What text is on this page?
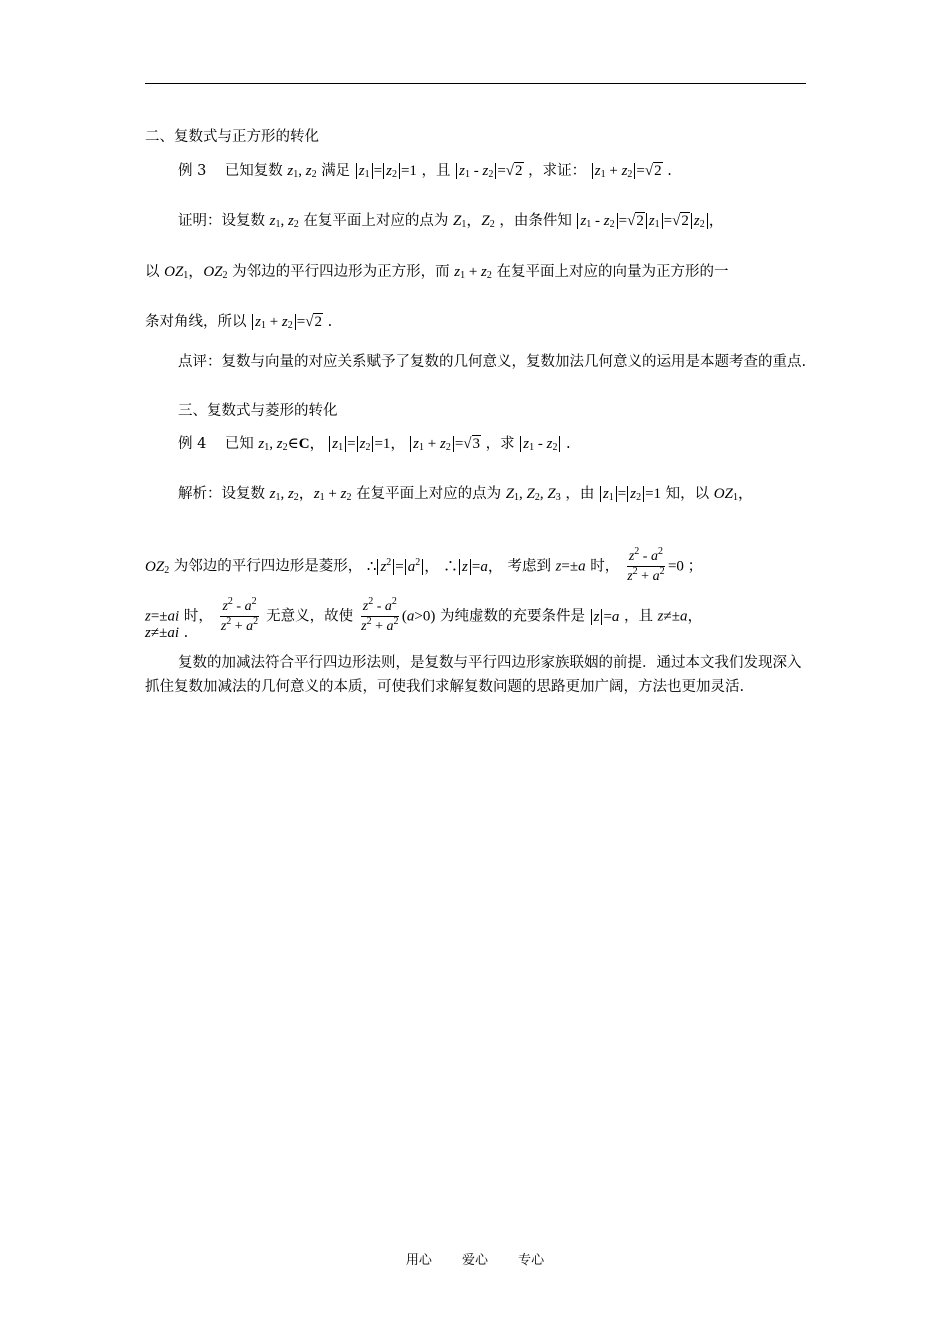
二、复数式与正方形的转化
例 3 已知复数 $z_1$, $z_2$ 满足 $z_1 = z_2 =1$ ，且 $z_1 - z_2 =√2$ ，求证： $z_1 + z_2 =√2$ .
证明：设复数 $z_1$, $z_2$ 在复平面上对应的点为 $Z_1$，$Z_2$ ，由条件知 $z_1 - z_2 =√2$ $z_1 =√2$ $z_2$ ，
以 $OZ_1$，$OZ_2$ 为邻边的平行四边形为正方形，而 $z_1 + z_2$ 在复平面上对应的向量为正方形的一
条对角线，所以 $z_1 + z_2 =√2$ .
点评：复数与向量的对应关系赋予了复数的几何意义，复数加法几何意义的运用是本题考查的重点.
三、复数式与菱形的转化
例 4 已知 $z_1$, $z_2\in C$， $z_1 = z_2 =1$， $z_1 + z_2 =√3$ ，求 $z_1 - z_2$ .
解析：设复数 $z_1$, $z_2$，$z_1 + z_2$ 在复平面上对应的点为 $Z_1$, $Z_2$, $Z_3$ ，由 $z_1 = z_2 =1$ 知，以 $OZ_1$，
$OZ_2$ 为邻边的平行四边形是菱形， ∴ $z^2 = a^2$ ， ∴ z =a， 考虑到 z=±a 时， $\frac{z^2 - a^2}{z^2 + a^2} =0$ ；
z=±ai 时， $\frac{z^2 - a^2}{z^2 + a^2}$ 无意义，故使 $\frac{z^2 - a^2}{z^2 + a^2} (a>0)$ 为纯虚数的充要条件是 z =a ，且 z≠±a，
z≠±ai .
复数的加减法符合平行四边形法则，是复数与平行四边形家族联姻的前提．通过本文我们发现深入抓住复数加减法的几何意义的本质，可使我们求解复数问题的思路更加广阔，方法也更加灵活.
用心 爱心 专心
